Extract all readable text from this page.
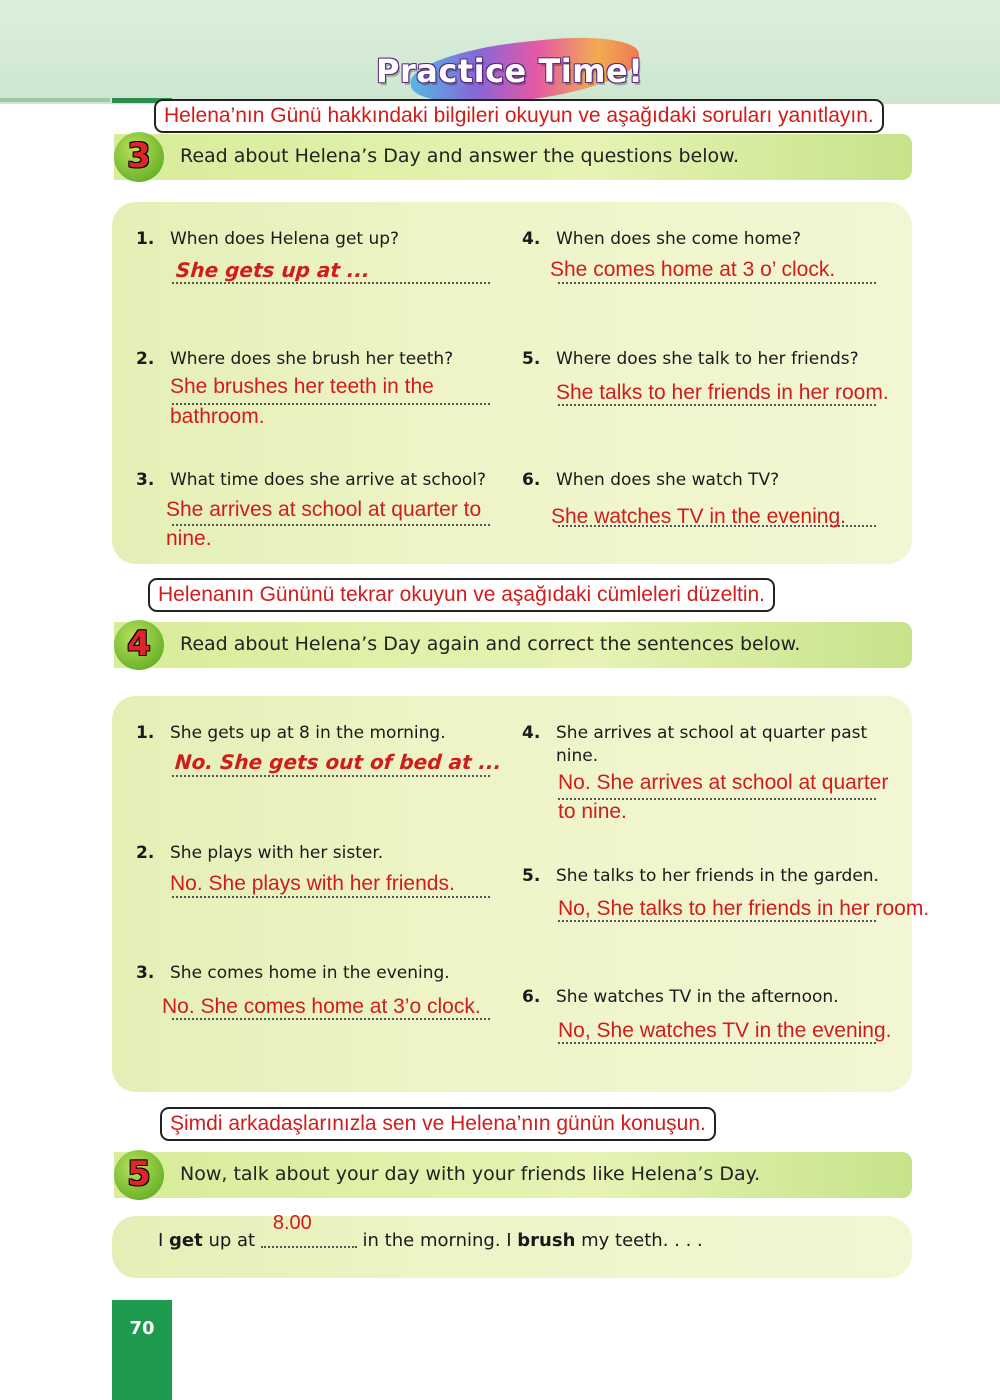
Practice Time!
Helena’nın Günü hakkındaki bilgileri okuyun ve aşağıdaki soruları yanıtlayın.
3	Read about Helena’s Day and answer the questions below.
1. When does Helena get up?
She gets up at ...
2. Where does she brush her teeth?
She brushes her teeth in the
bathroom.
3. What time does she arrive at school?
She arrives at school at quarter to
nine.
4. When does she come home?
She comes home at 3 o’ clock.
5. Where does she talk to her friends?
She talks to her friends in her room.
6. When does she watch TV?
She watches TV in the evening.
Helenanın Gününü tekrar okuyun ve aşağıdaki cümleleri düzeltin.
4	Read about Helena’s Day again and correct the sentences below.
1. She gets up at 8 in the morning.
No. She gets out of bed at ...
2. She plays with her sister.
No. She plays with her friends.
3. She comes home in the evening.
No. She comes home at 3’o clock.
4. She arrives at school at quarter past
nine.
No. She arrives at school at quarter
to nine.
5. She talks to her friends in the garden.
No, She talks to her friends in her room.
6. She watches TV in the afternoon.
No, She watches TV in the evening.
Şimdi arkadaşlarınızla sen ve Helena’nın günün konuşun.
5	Now, talk about your day with your friends like Helena’s Day.
I get up at
8.00
in the morning. I brush my teeth. . . .
70
